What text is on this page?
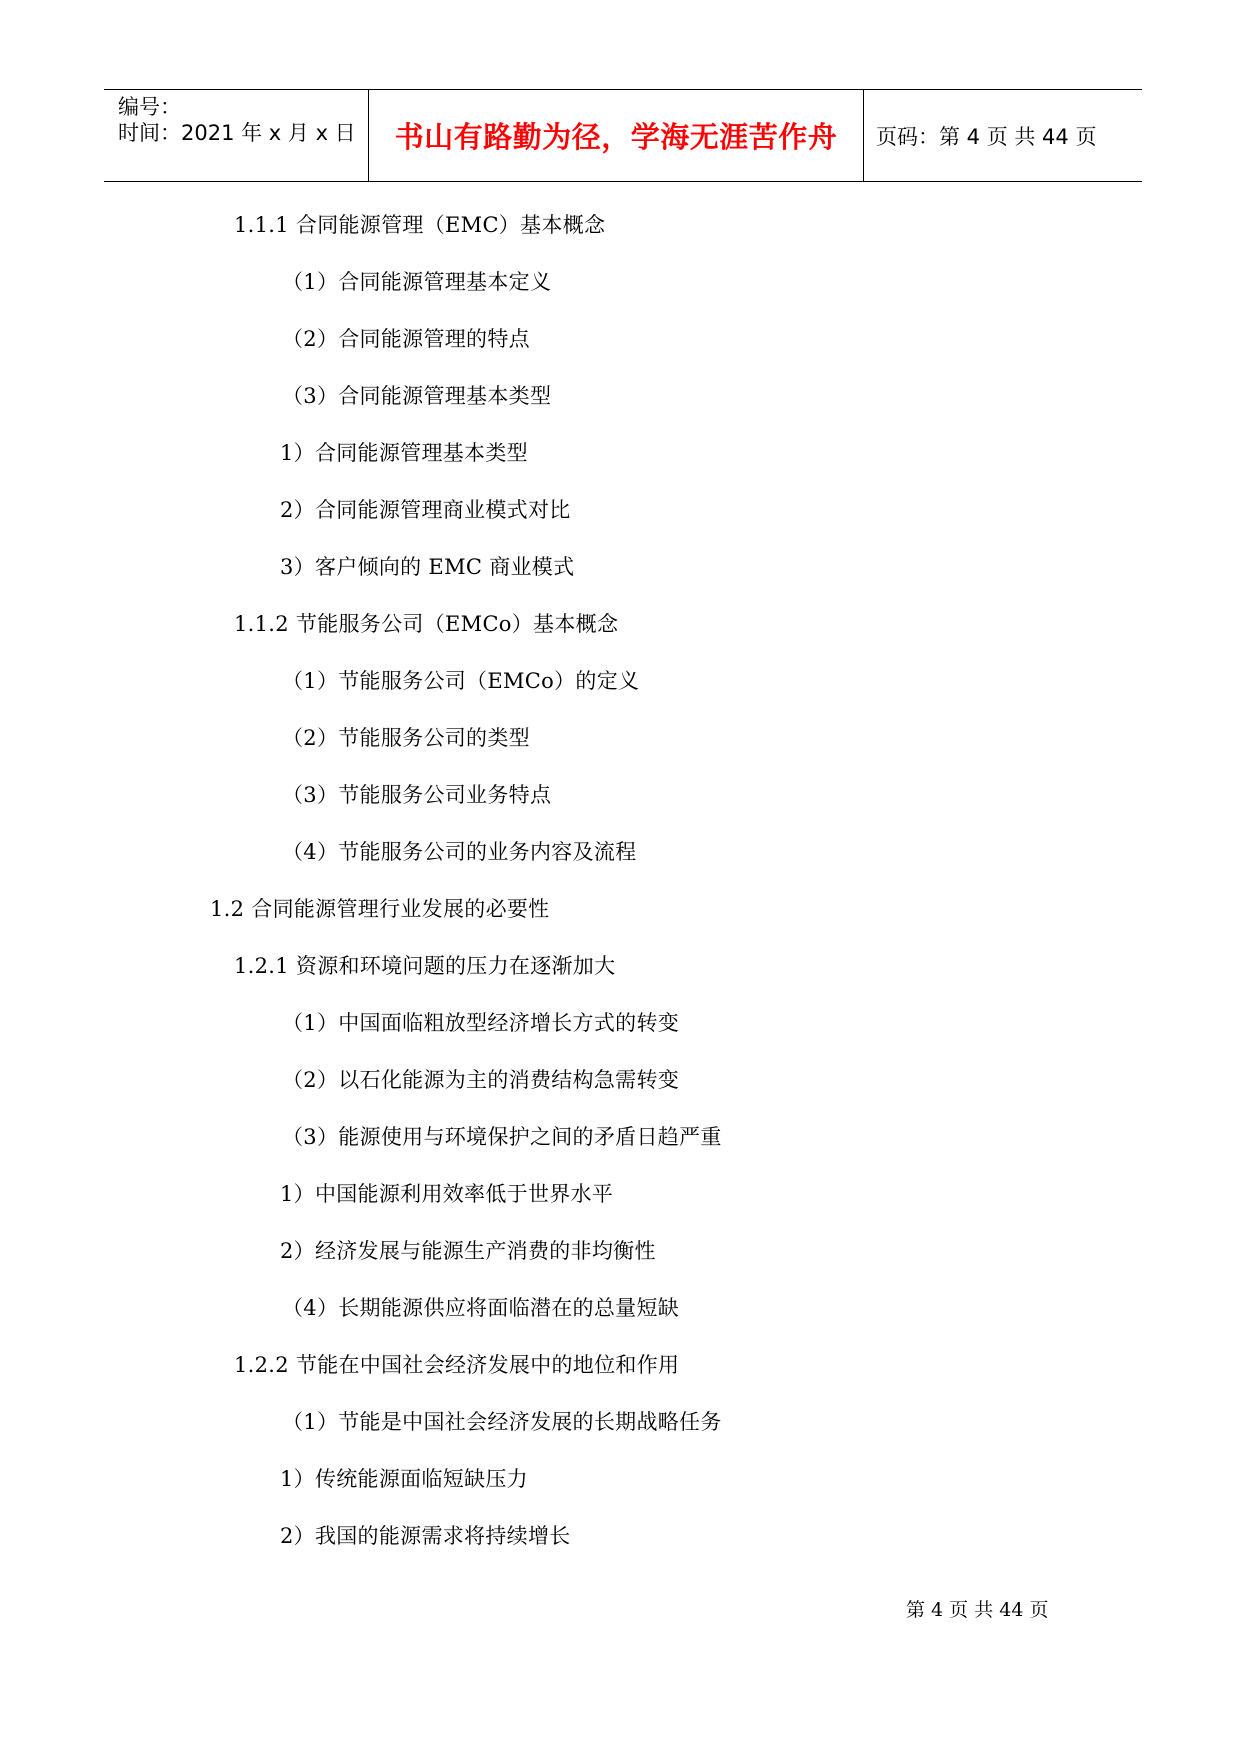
编号：
时间：2021 年 x 月 x 日	书山有路勤为径，学海无涯苦作舟 页码：第 4 页 共 44 页
1.1.1 合同能源管理（EMC）基本概念
（1）合同能源管理基本定义
（2）合同能源管理的特点
（3）合同能源管理基本类型
1）合同能源管理基本类型
2）合同能源管理商业模式对比
3）客户倾向的 EMC 商业模式
1.1.2 节能服务公司（EMCo）基本概念
（1）节能服务公司（EMCo）的定义
（2）节能服务公司的类型
（3）节能服务公司业务特点
（4）节能服务公司的业务内容及流程
1.2 合同能源管理行业发展的必要性
1.2.1 资源和环境问题的压力在逐渐加大
（1）中国面临粗放型经济增长方式的转变
（2）以石化能源为主的消费结构急需转变
（3）能源使用与环境保护之间的矛盾日趋严重
1）中国能源利用效率低于世界水平
2）经济发展与能源生产消费的非均衡性
（4）长期能源供应将面临潜在的总量短缺
1.2.2 节能在中国社会经济发展中的地位和作用
（1）节能是中国社会经济发展的长期战略任务
1）传统能源面临短缺压力
2）我国的能源需求将持续增长
第 4 页 共 44 页
